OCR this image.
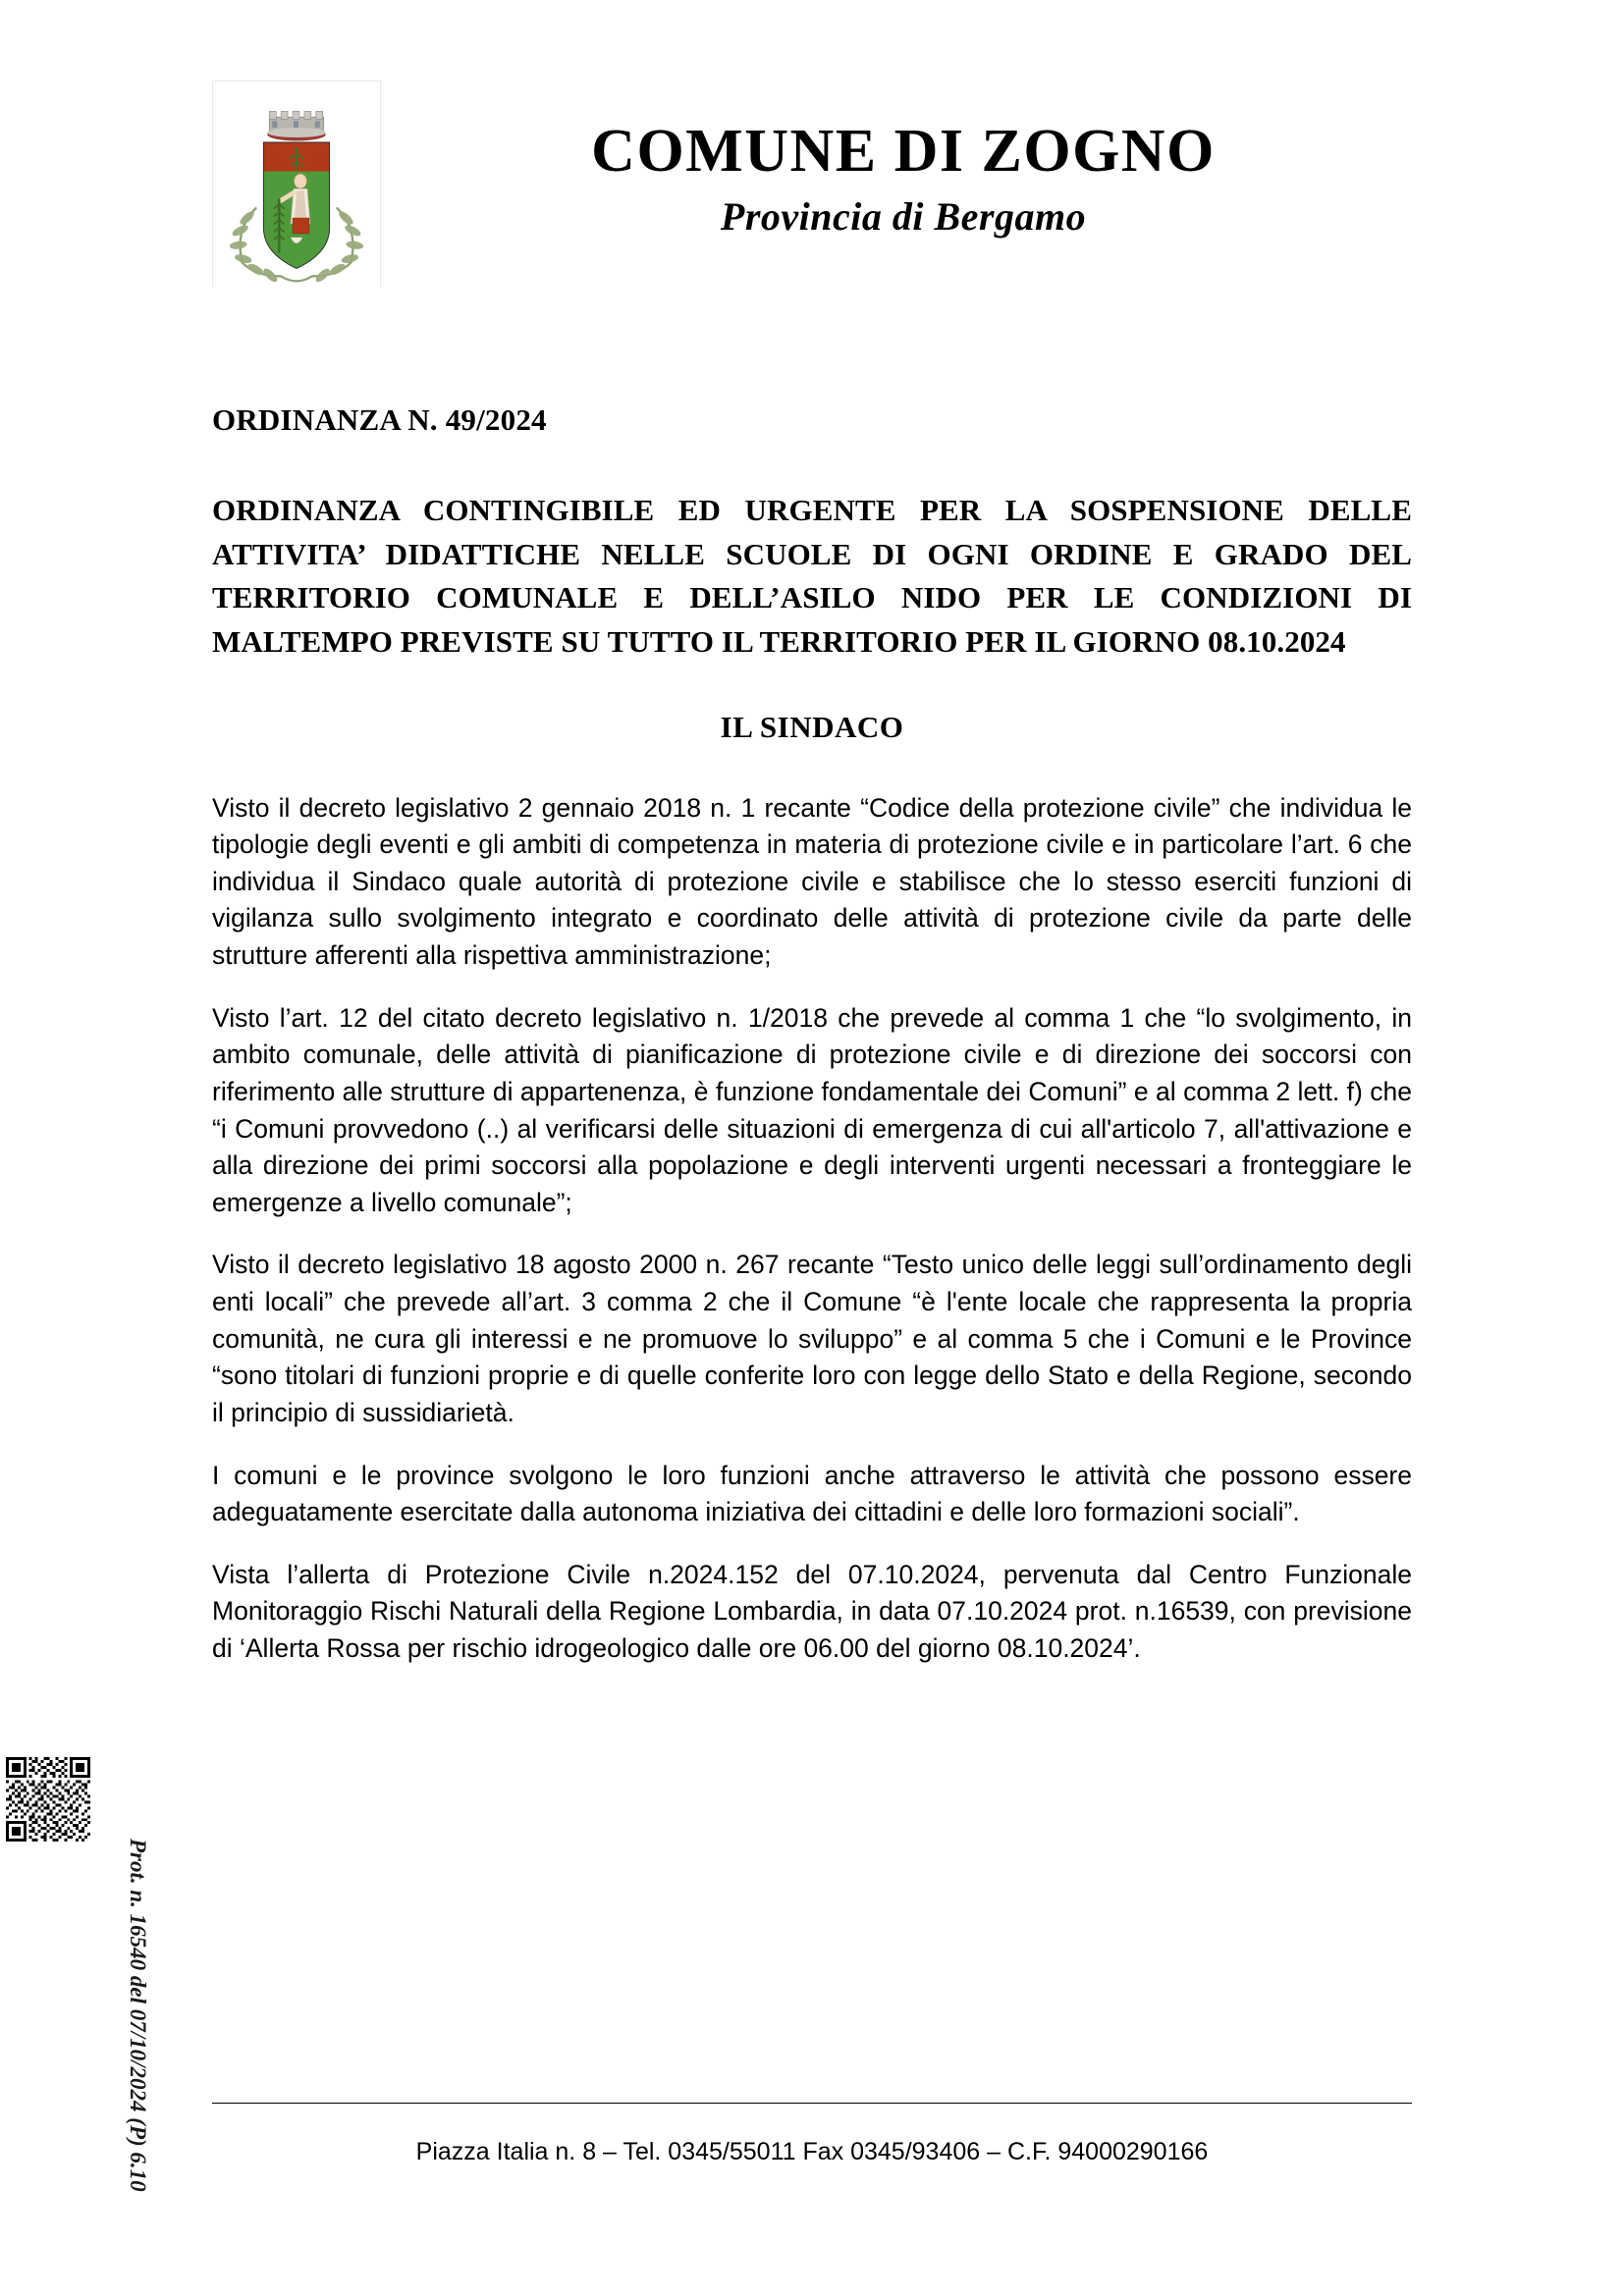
COMUNE DI ZOGNO
Provincia di Bergamo
ORDINANZA N. 49/2024
ORDINANZA CONTINGIBILE ED URGENTE PER LA SOSPENSIONE DELLE ATTIVITA’ DIDATTICHE NELLE SCUOLE DI OGNI ORDINE E GRADO DEL TERRITORIO COMUNALE E DELL’ASILO NIDO PER LE CONDIZIONI DI MALTEMPO PREVISTE SU TUTTO IL TERRITORIO PER IL GIORNO 08.10.2024
IL SINDACO

Visto il decreto legislativo 2 gennaio 2018 n. 1 recante “Codice della protezione civile” che individua le tipologie degli eventi e gli ambiti di competenza in materia di protezione civile e in particolare l’art. 6 che individua il Sindaco quale autorità di protezione civile e stabilisce che lo stesso eserciti funzioni di vigilanza sullo svolgimento integrato e coordinato delle attività di protezione civile da parte delle strutture afferenti alla rispettiva amministrazione;

Visto l’art. 12 del citato decreto legislativo n. 1/2018 che prevede al comma 1 che “lo svolgimento, in ambito comunale, delle attività di pianificazione di protezione civile e di direzione dei soccorsi con riferimento alle strutture di appartenenza, è funzione fondamentale dei Comuni” e al comma 2 lett. f) che “i Comuni provvedono (..) al verificarsi delle situazioni di emergenza di cui all'articolo 7, all'attivazione e alla direzione dei primi soccorsi alla popolazione e degli interventi urgenti necessari a fronteggiare le emergenze a livello comunale”;

Visto il decreto legislativo 18 agosto 2000 n. 267 recante “Testo unico delle leggi sull’ordinamento degli enti locali” che prevede all’art. 3 comma 2 che il Comune “è l'ente locale che rappresenta la propria comunità, ne cura gli interessi e ne promuove lo sviluppo” e al comma 5 che i Comuni e le Province “sono titolari di funzioni proprie e di quelle conferite loro con legge dello Stato e della Regione, secondo il principio di sussidiarietà.

I comuni e le province svolgono le loro funzioni anche attraverso le attività che possono essere adeguatamente esercitate dalla autonoma iniziativa dei cittadini e delle loro formazioni sociali”.

Vista l’allerta di Protezione Civile n.2024.152 del 07.10.2024, pervenuta dal Centro Funzionale Monitoraggio Rischi Naturali della Regione Lombardia, in data 07.10.2024 prot. n.16539, con previsione di ‘Allerta Rossa per rischio idrogeologico dalle ore 06.00 del giorno 08.10.2024’.

Prot. n. 16540 del 07/10/2024 (P) 6.10	Piazza Italia n. 8 – Tel. 0345/55011 Fax 0345/93406 – C.F. 94000290166
